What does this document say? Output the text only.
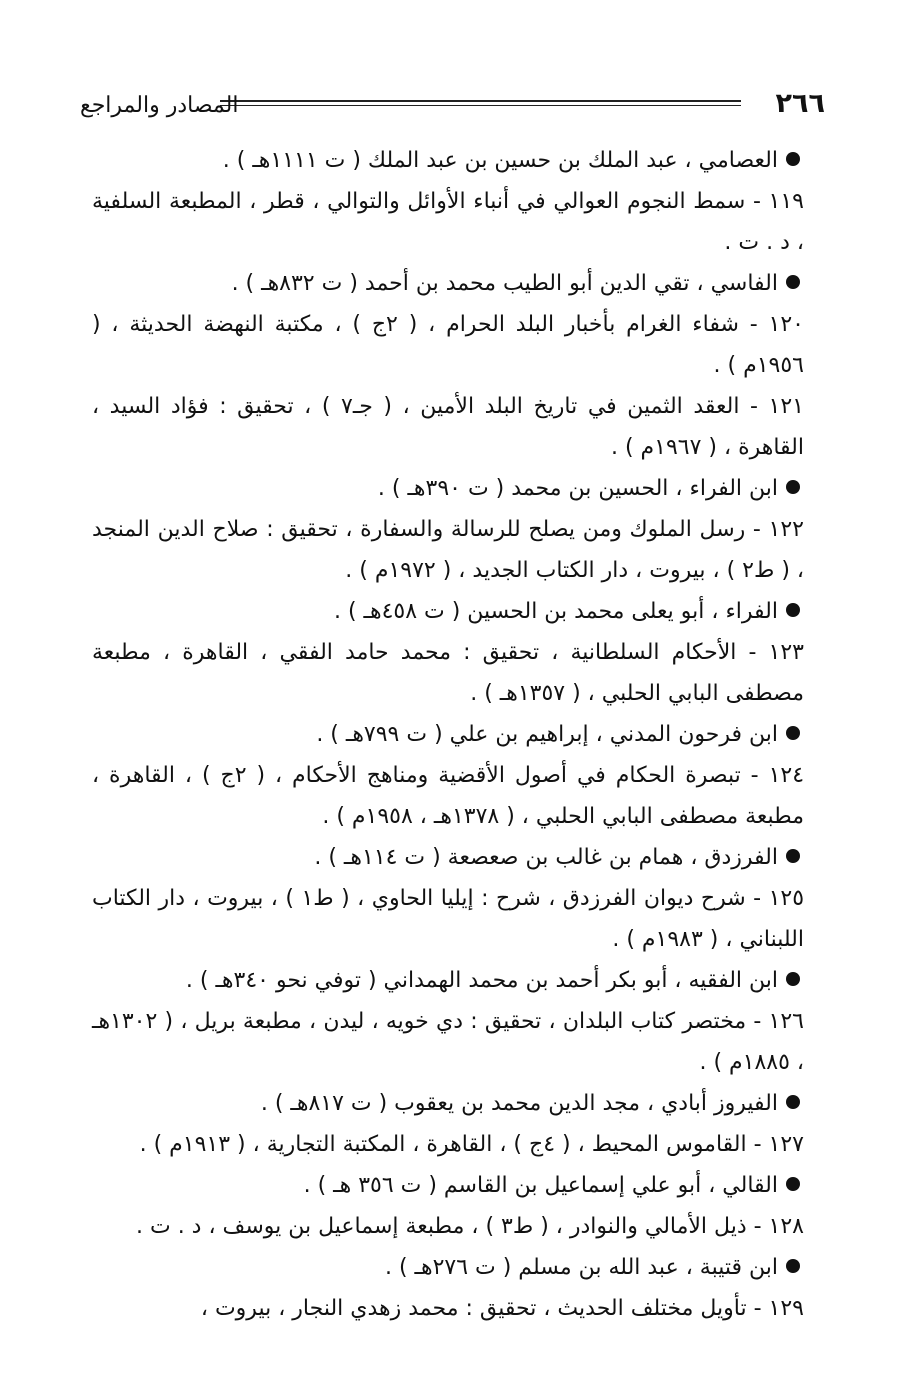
٢٦٦
المصادر والمراجع

العصامي ، عبد الملك بن حسين بن عبد الملك ( ت ١١١١هـ ) .

١١٩ - سمط النجوم العوالي في أنباء الأوائل والتوالي ، قطر ، المطبعة السلفية ، د . ت .

الفاسي ، تقي الدين أبو الطيب محمد بن أحمد ( ت ٨٣٢هـ ) .

١٢٠ - شفاء الغرام بأخبار البلد الحرام ، ( ٢ج ) ، مكتبة النهضة الحديثة ، ( ١٩٥٦م ) .

١٢١ - العقد الثمين في تاريخ البلد الأمين ، ( جـ٧ ) ، تحقيق : فؤاد السيد ، القاهرة ، ( ١٩٦٧م ) .

ابن الفراء ، الحسين بن محمد ( ت ٣٩٠هـ ) .

١٢٢ - رسل الملوك ومن يصلح للرسالة والسفارة ، تحقيق : صلاح الدين المنجد ، ( ط٢ ) ، بيروت ، دار الكتاب الجديد ، ( ١٩٧٢م ) .

الفراء ، أبو يعلى محمد بن الحسين ( ت ٤٥٨هـ ) .

١٢٣ - الأحكام السلطانية ، تحقيق : محمد حامد الفقي ، القاهرة ، مطبعة مصطفى البابي الحلبي ، ( ١٣٥٧هـ ) .

ابن فرحون المدني ، إبراهيم بن علي ( ت ٧٩٩هـ ) .

١٢٤ - تبصرة الحكام في أصول الأقضية ومناهج الأحكام ، ( ٢ج ) ، القاهرة ، مطبعة مصطفى البابي الحلبي ، ( ١٣٧٨هـ ، ١٩٥٨م ) .

الفرزدق ، همام بن غالب بن صعصعة ( ت ١١٤هـ ) .

١٢٥ - شرح ديوان الفرزدق ، شرح : إيليا الحاوي ، ( ط١ ) ، بيروت ، دار الكتاب اللبناني ، ( ١٩٨٣م ) .

ابن الفقيه ، أبو بكر أحمد بن محمد الهمداني ( توفي نحو ٣٤٠هـ ) .

١٢٦ - مختصر كتاب البلدان ، تحقيق : دي خويه ، ليدن ، مطبعة بريل ، ( ١٣٠٢هـ ، ١٨٨٥م ) .

الفيروز أبادي ، مجد الدين محمد بن يعقوب ( ت ٨١٧هـ ) .

١٢٧ - القاموس المحيط ، ( ٤ج ) ، القاهرة ، المكتبة التجارية ، ( ١٩١٣م ) .

القالي ، أبو علي إسماعيل بن القاسم ( ت ٣٥٦ هـ ) .

١٢٨ - ذيل الأمالي والنوادر ، ( ط٣ ) ، مطبعة إسماعيل بن يوسف ، د . ت .

ابن قتيبة ، عبد الله بن مسلم ( ت ٢٧٦هـ ) .

١٢٩ - تأويل مختلف الحديث ، تحقيق : محمد زهدي النجار ، بيروت ،
